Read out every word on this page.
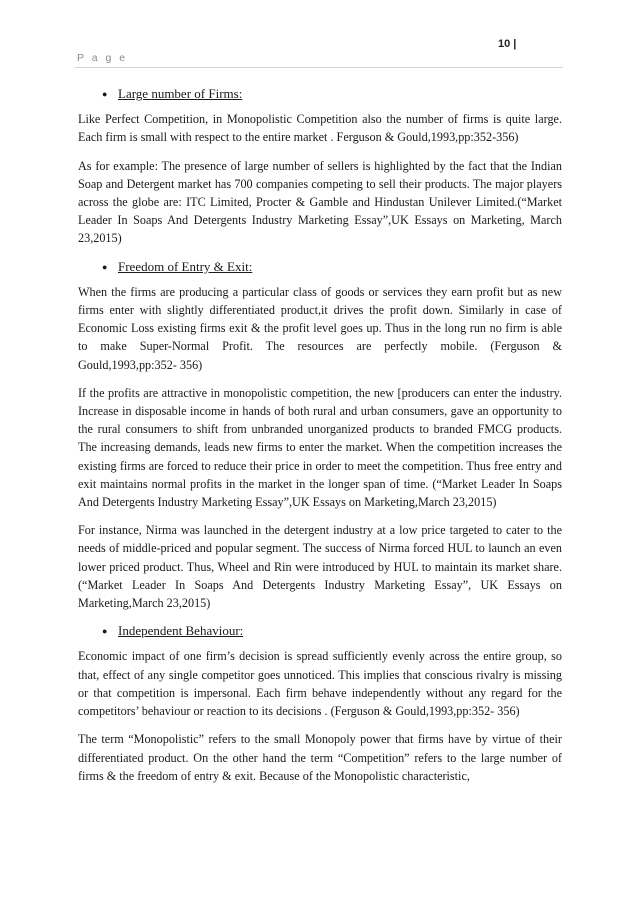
10 |
P a g e
● Large number of Firms:

Like Perfect Competition, in Monopolistic Competition also the number of firms is quite large. Each firm is small with respect to the entire market . Ferguson & Gould,1993,pp:352-356)

As for example: The presence of large number of sellers is highlighted by the fact that the Indian Soap and Detergent market has 700 companies competing to sell their products. The major players across the globe are: ITC Limited, Procter & Gamble and Hindustan Unilever Limited.(“Market Leader In Soaps And Detergents Industry Marketing Essay”,UK Essays on Marketing, March 23,2015)

● Freedom of Entry & Exit:

When the firms are producing a particular class of goods or services they earn profit but as new firms enter with slightly differentiated product,it drives the profit down. Similarly in case of Economic Loss existing firms exit & the profit level goes up. Thus in the long run no firm is able to make Super-Normal Profit. The resources are perfectly mobile. (Ferguson & Gould,1993,pp:352- 356)

If the profits are attractive in monopolistic competition, the new [producers can enter the industry. Increase in disposable income in hands of both rural and urban consumers, gave an opportunity to the rural consumers to shift from unbranded unorganized products to branded FMCG products. The increasing demands, leads new firms to enter the market. When the competition increases the existing firms are forced to reduce their price in order to meet the competition. Thus free entry and exit maintains normal profits in the market in the longer span of time. (“Market Leader In Soaps And Detergents Industry Marketing Essay”,UK Essays on Marketing,March 23,2015)

For instance, Nirma was launched in the detergent industry at a low price targeted to cater to the needs of middle-priced and popular segment. The success of Nirma forced HUL to launch an even lower priced product. Thus, Wheel and Rin were introduced by HUL to maintain its market share. (“Market Leader In Soaps And Detergents Industry Marketing Essay”, UK Essays on Marketing,March 23,2015)

● Independent Behaviour:

Economic impact of one firm’s decision is spread sufficiently evenly across the entire group, so that, effect of any single competitor goes unnoticed. This implies that conscious rivalry is missing or that competition is impersonal. Each firm behave independently without any regard for the competitors’ behaviour or reaction to its decisions . (Ferguson & Gould,1993,pp:352- 356)

The term “Monopolistic” refers to the small Monopoly power that firms have by virtue of their differentiated product. On the other hand the term “Competition” refers to the large number of firms & the freedom of entry & exit. Because of the Monopolistic characteristic,
